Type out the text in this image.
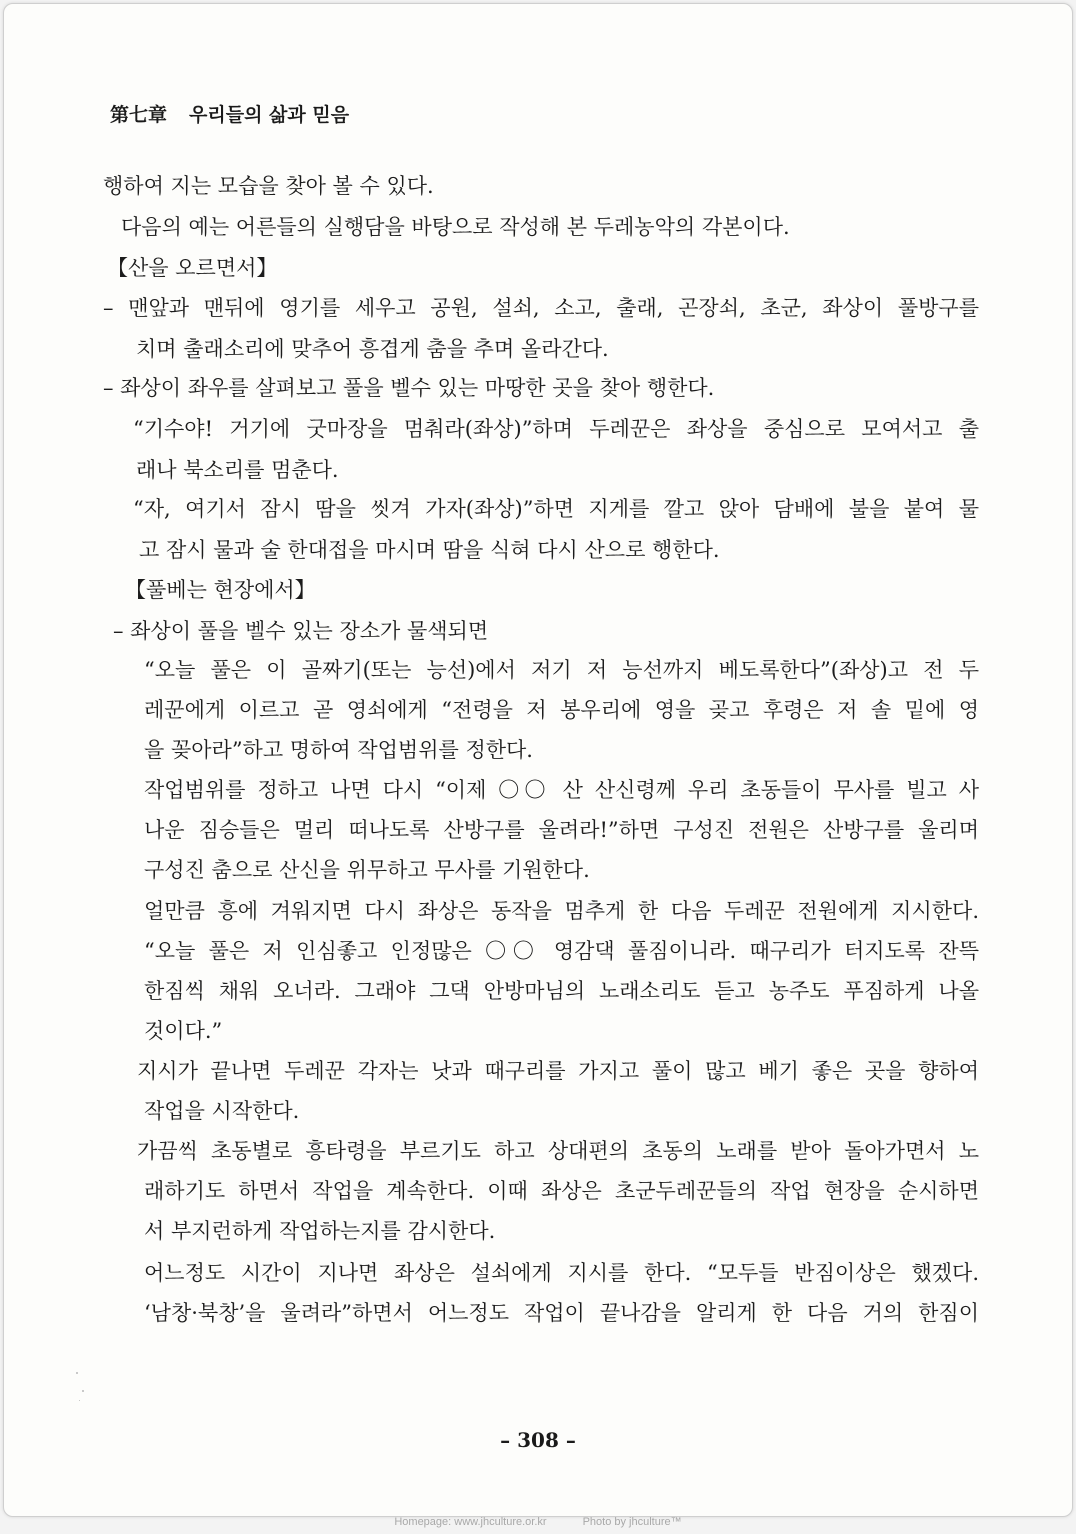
第七章 우리들의 삶과 믿음
행하여 지는 모습을 찾아 볼 수 있다.
다음의 예는 어른들의 실행담을 바탕으로 작성해 본 두레농악의 각본이다.
【산을 오르면서】
– 맨앞과 맨뒤에 영기를 세우고 공원, 설쇠, 소고, 출래, 곤장쇠, 초군, 좌상이 풀방구를
치며 출래소리에 맞추어 흥겹게 춤을 추며 올라간다.
– 좌상이 좌우를 살펴보고 풀을 벨수 있는 마땅한 곳을 찾아 행한다.
“기수야! 거기에 굿마장을 멈춰라(좌상)”하며 두레꾼은 좌상을 중심으로 모여서고 출
래나 북소리를 멈춘다.
“자, 여기서 잠시 땀을 씻겨 가자(좌상)”하면 지게를 깔고 앉아 담배에 불을 붙여 물
고 잠시 물과 술 한대접을 마시며 땀을 식혀 다시 산으로 행한다.
【풀베는 현장에서】
– 좌상이 풀을 벨수 있는 장소가 물색되면
“오늘 풀은 이 골짜기(또는 능선)에서 저기 저 능선까지 베도록한다”(좌상)고 전 두
레꾼에게 이르고 곧 영쇠에게 “전령을 저 봉우리에 영을 곶고 후령은 저 솔 밑에 영
을 꽂아라”하고 명하여 작업범위를 정한다.
작업범위를 정하고 나면 다시 “이제 〇〇 산 산신령께 우리 초동들이 무사를 빌고 사
나운 짐승들은 멀리 떠나도록 산방구를 울려라!”하면 구성진 전원은 산방구를 울리며
구성진 춤으로 산신을 위무하고 무사를 기원한다.
얼만큼 흥에 겨워지면 다시 좌상은 동작을 멈추게 한 다음 두레꾼 전원에게 지시한다.
“오늘 풀은 저 인심좋고 인정많은 〇〇 영감댁 풀짐이니라. 때구리가 터지도록 잔뜩
한짐씩 채워 오너라. 그래야 그댁 안방마님의 노래소리도 듣고 농주도 푸짐하게 나올
것이다.”
지시가 끝나면 두레꾼 각자는 낫과 때구리를 가지고 풀이 많고 베기 좋은 곳을 향하여
작업을 시작한다.
가끔씩 초동별로 흥타령을 부르기도 하고 상대편의 초동의 노래를 받아 돌아가면서 노
래하기도 하면서 작업을 계속한다. 이때 좌상은 초군두레꾼들의 작업 현장을 순시하면
서 부지런하게 작업하는지를 감시한다.
어느정도 시간이 지나면 좌상은 설쇠에게 지시를 한다. “모두들 반짐이상은 했겠다.
‘남창·북창’을 울려라”하면서 어느정도 작업이 끝나감을 알리게 한 다음 거의 한짐이
– 308 –
Homepage: www.jhculture.or.kr	Photo by jhculture™
